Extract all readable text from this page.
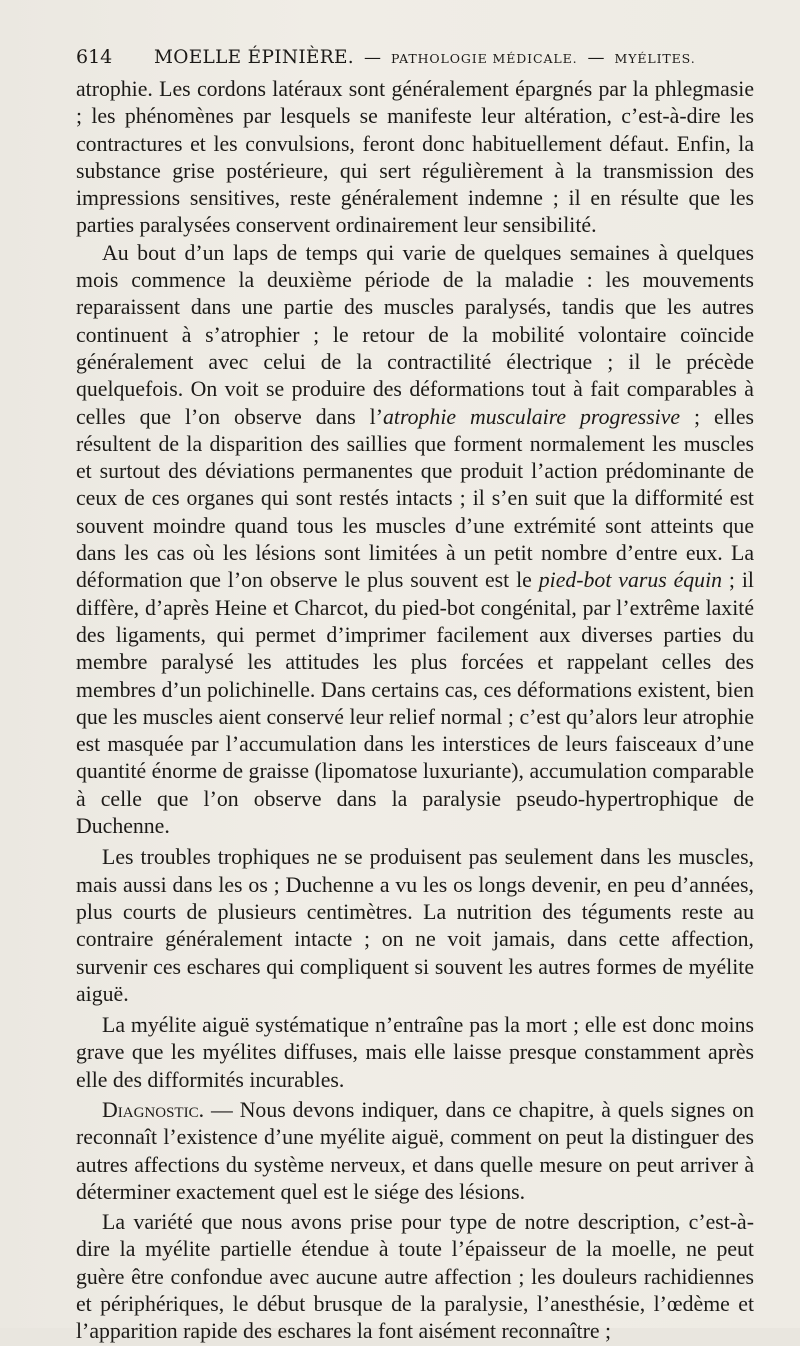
614 MOELLE ÉPINIÈRE. — PATHOLOGIE MÉDICALE. — MYÉLITES.

atrophie. Les cordons latéraux sont généralement épargnés par la phlegmasie ; les phénomènes par lesquels se manifeste leur altération, c’est-à-dire les contractures et les convulsions, feront donc habituellement défaut. Enfin, la substance grise postérieure, qui sert régulièrement à la transmission des impressions sensitives, reste généralement indemne ; il en résulte que les parties paralysées conservent ordinairement leur sensibilité.

Au bout d’un laps de temps qui varie de quelques semaines à quelques mois commence la deuxième période de la maladie : les mouvements reparaissent dans une partie des muscles paralysés, tandis que les autres continuent à s’atrophier ; le retour de la mobilité volontaire coïncide généralement avec celui de la contractilité électrique ; il le précède quelquefois. On voit se produire des déformations tout à fait comparables à celles que l’on observe dans l’atrophie musculaire progressive ; elles résultent de la disparition des saillies que forment normalement les muscles et surtout des déviations permanentes que produit l’action prédominante de ceux de ces organes qui sont restés intacts ; il s’en suit que la difformité est souvent moindre quand tous les muscles d’une extrémité sont atteints que dans les cas où les lésions sont limitées à un petit nombre d’entre eux. La déformation que l’on observe le plus souvent est le pied-bot varus équin ; il diffère, d’après Heine et Charcot, du pied-bot congénital, par l’extrême laxité des ligaments, qui permet d’imprimer facilement aux diverses parties du membre paralysé les attitudes les plus forcées et rappelant celles des membres d’un polichinelle. Dans certains cas, ces déformations existent, bien que les muscles aient conservé leur relief normal ; c’est qu’alors leur atrophie est masquée par l’accumulation dans les interstices de leurs faisceaux d’une quantité énorme de graisse (lipomatose luxuriante), accumulation comparable à celle que l’on observe dans la paralysie pseudo-hypertrophique de Duchenne.

Les troubles trophiques ne se produisent pas seulement dans les muscles, mais aussi dans les os ; Duchenne a vu les os longs devenir, en peu d’années, plus courts de plusieurs centimètres. La nutrition des téguments reste au contraire généralement intacte ; on ne voit jamais, dans cette affection, survenir ces eschares qui compliquent si souvent les autres formes de myélite aiguë.

La myélite aiguë systématique n’entraîne pas la mort ; elle est donc moins grave que les myélites diffuses, mais elle laisse presque constamment après elle des difformités incurables.

Diagnostic. — Nous devons indiquer, dans ce chapitre, à quels signes on reconnaît l’existence d’une myélite aiguë, comment on peut la distinguer des autres affections du système nerveux, et dans quelle mesure on peut arriver à déterminer exactement quel est le siége des lésions.

La variété que nous avons prise pour type de notre description, c’est-à-dire la myélite partielle étendue à toute l’épaisseur de la moelle, ne peut guère être confondue avec aucune autre affection ; les douleurs rachidiennes et périphériques, le début brusque de la paralysie, l’anesthésie, l’œdème et l’apparition rapide des eschares la font aisément reconnaître ;
